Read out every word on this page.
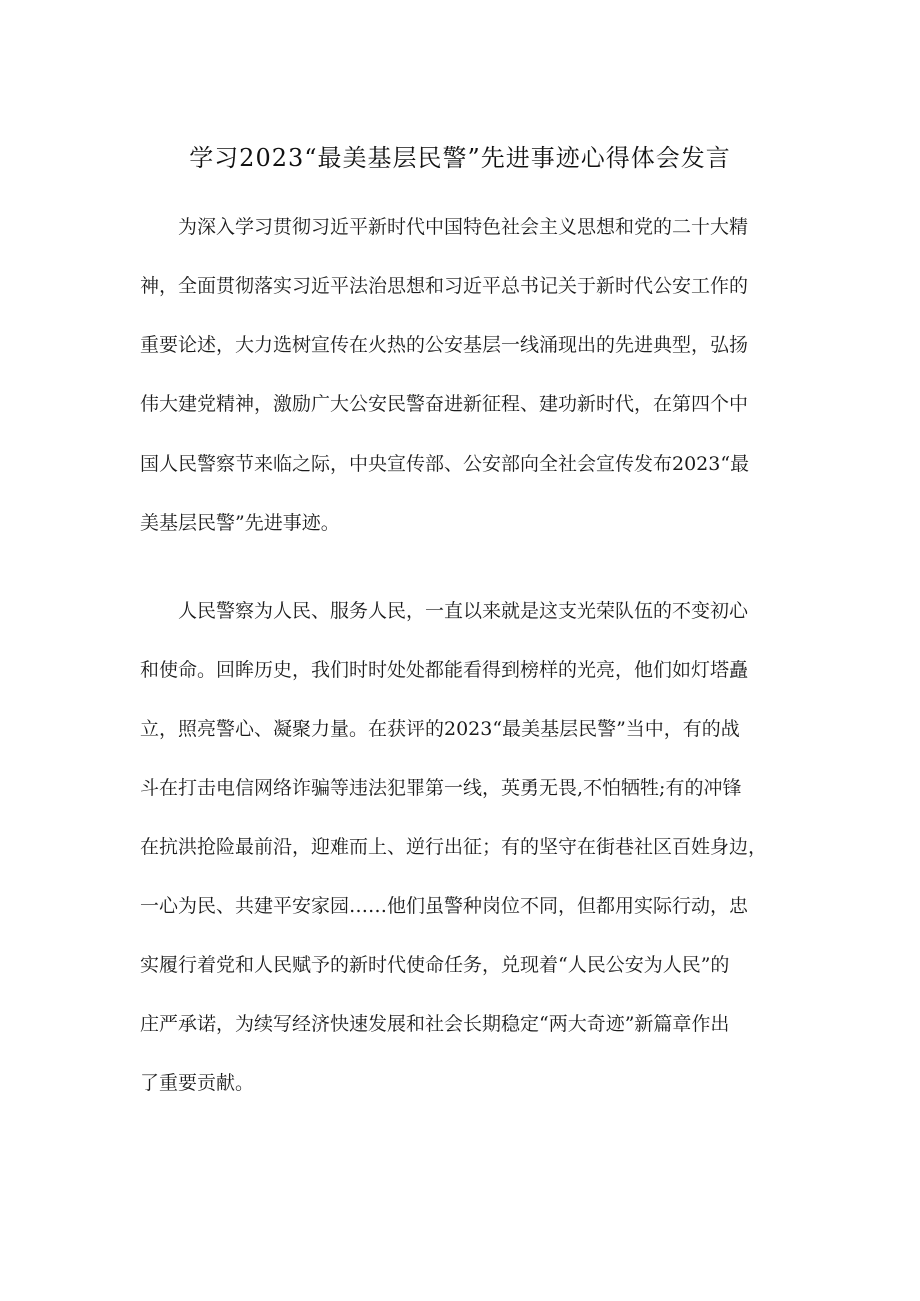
学习2023“最美基层民警”先进事迹心得体会发言
为深入学习贯彻习近平新时代中国特色社会主义思想和党的二十大精
神，全面贯彻落实习近平法治思想和习近平总书记关于新时代公安工作的
重要论述，大力选树宣传在火热的公安基层一线涌现出的先进典型，弘扬
伟大建党精神，激励广大公安民警奋进新征程、建功新时代，在第四个中
国人民警察节来临之际，中央宣传部、公安部向全社会宣传发布2023“最
美基层民警”先进事迹。
人民警察为人民、服务人民，一直以来就是这支光荣队伍的不变初心
和使命。回眸历史，我们时时处处都能看得到榜样的光亮，他们如灯塔矗
立，照亮警心、凝聚力量。在获评的2023“最美基层民警”当中，有的战
斗在打击电信网络诈骗等违法犯罪第一线，英勇无畏,不怕牺牲;有的冲锋
在抗洪抢险最前沿，迎难而上、逆行出征；有的坚守在街巷社区百姓身边，
一心为民、共建平安家园……他们虽警种岗位不同，但都用实际行动，忠
实履行着党和人民赋予的新时代使命任务，兑现着“人民公安为人民”的
庄严承诺，为续写经济快速发展和社会长期稳定“两大奇迹”新篇章作出
了重要贡献。
